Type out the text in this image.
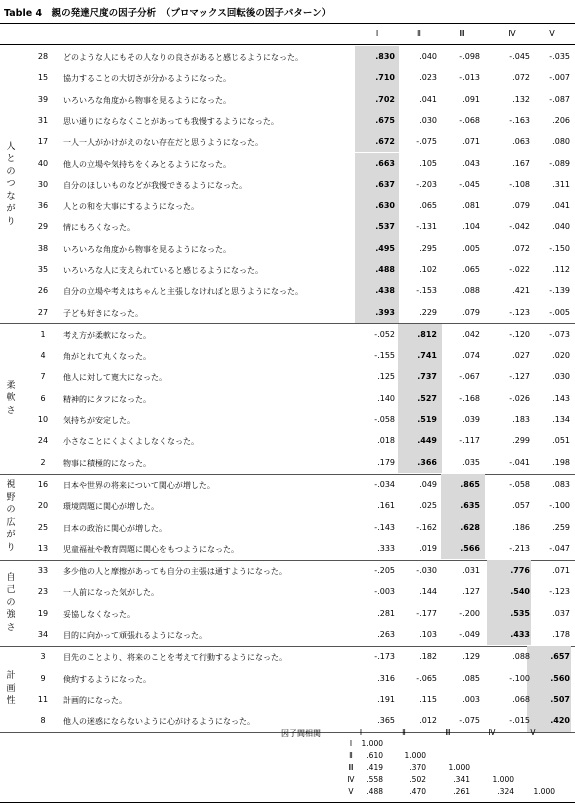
Table 4　親の発達尺度の因子分析　（プロマックス回転後の因子パターン）
Ⅰ	Ⅱ	Ⅲ	Ⅳ	Ⅴ
人
と
の
つ
な
が
り
28	どのような人にもその人なりの良さがあると感じるようになった。	.830	.040	-.098	-.045	-.035
15	協力することの大切さが分かるようになった。	.710	.023	-.013	.072	-.007
39	いろいろな角度から物事を見るようになった。	.702	.041	.091	.132	-.087
31	思い通りにならなくことがあっても我慢するようになった。	.675	.030	-.068	-.163	.206
17	一人一人がかけがえのない存在だと思うようになった。	.672	-.075	.071	.063	.080
40	他人の立場や気持ちをくみとるようになった。	.663	.105	.043	.167	-.089
30	自分のほしいものなどが我慢できるようになった。	.637	-.203	-.045	-.108	.311
36	人との和を大事にするようになった。	.630	.065	.081	.079	.041
29	情にもろくなった。	.537	-.131	.104	-.042	.040
38	いろいろな角度から物事を見るようになった。	.495	.295	.005	.072	-.150
35	いろいろな人に支えられていると感じるようになった。	.488	.102	.065	-.022	.112
26	自分の立場や考えはちゃんと主張しなければと思うようになった。	.438	-.153	.088	.421	-.139
27	子ども好きになった。	.393	.229	.079	-.123	-.005
柔
軟
さ
1	考え方が柔軟になった。	-.052	.812	.042	-.120	-.073
4	角がとれて丸くなった。	-.155	.741	.074	.027	.020
7	他人に対して寛大になった。	.125	.737	-.067	-.127	.030
6	精神的にタフになった。	.140	.527	-.168	-.026	.143
10	気持ちが安定した。	-.058	.519	.039	.183	.134
24	小さなことにくよくよしなくなった。	.018	.449	-.117	.299	.051
2	物事に積極的になった。	.179	.366	.035	-.041	.198
視
野
の
広
が
り
16	日本や世界の将来について関心が増した。	-.034	.049	.865	-.058	.083
20	環境問題に関心が増した。	.161	.025	.635	.057	-.100
25	日本の政治に関心が増した。	-.143	-.162	.628	.186	.259
13	児童福祉や教育問題に関心をもつようになった。	.333	.019	.566	-.213	-.047
自
己
の
強
さ
33	多少他の人と摩擦があっても自分の主張は通すようになった。	-.205	-.030	.031	.776	.071
23	一人前になった気がした。	-.003	.144	.127	.540	-.123
19	妥協しなくなった。	.281	-.177	-.200	.535	.037
34	目的に向かって頑張れるようになった。	.263	.103	-.049	.433	.178
計
画
性
3	目先のことより、将来のことを考えて行動するようになった。	-.173	.182	.129	.088	.657
9	倹約するようになった。	.316	-.065	.085	-.100	.560
11	計画的になった。	.191	.115	.003	.068	.507
8	他人の迷惑にならないように心がけるようになった。	.365	.012	-.075	-.015	.420
因子間相関	Ⅰ	Ⅱ	Ⅲ	Ⅳ	Ⅴ
Ⅰ	1.000
Ⅱ	.610	1.000
Ⅲ	.419	.370	1.000
Ⅳ	.558	.502	.341	1.000
Ⅴ	.488	.470	.261	.324	1.000
